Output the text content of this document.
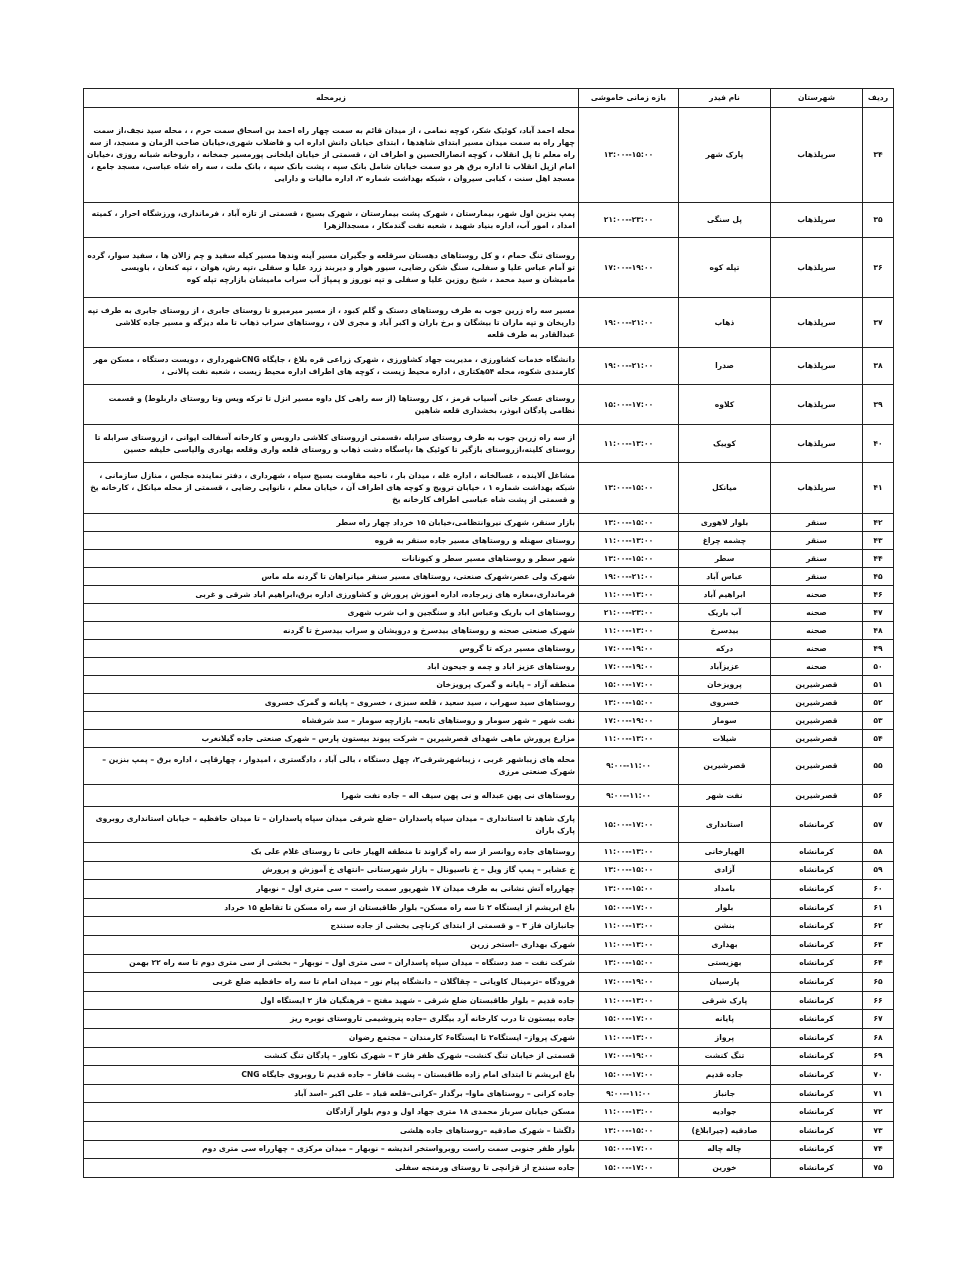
ردیف	شهرستان	نام فیدر	بازه زمانی خاموشی	زیرمحله
۳۴	سرپلذهاب	پارک شهر	۱۳:۰۰--۱۵:۰۰	محله احمد آباد، کوئیک شکر، کوچه نمامی ، از میدان قائم به سمت چهار راه احمد بن اسحاق سمت حرم ، ، محله سید نجف،از سمت چهار راه به سمت میدان مسیر ابتدای شاهدها ، ابتدای خیابان دانش اداره اب و فاضلاب شهری،خیابان صاحب الزمان و مسجد، از سه راه معلم تا پل انقلاب ، کوچه انصارالحسین و اطراف ان ، قسمتی از خیابان ایلخانی پورمسیر جمخانه ، داروخانه شبانه روزی ،خیابان امام ازپل انقلاب تا اداره برق هر دو سمت خیابان شامل بانک سپه ، پشت بانک سپه ، بانک ملت ، سه راه شاه عباسی، مسجد جامع ، مسجد اهل سنت ، کبابی سیروان ، شبکه بهداشت شماره ۲، اداره مالیات و دارایی
۳۵	سرپلذهاب	پل سنگی	۲۱:۰۰--۲۳:۰۰	پمپ بنزین اول شهر، بیمارستان ، شهرک پشت بیمارستان ، شهرک بسیج ، قسمتی از تازه آباد ، فرمانداری، ورزشگاه احرار ، کمیته امداد ، امور آب، اداره بنیاد شهید ، شعبه نفت گندمکار ، مسجدالزهرا
۳۶	سرپلذهاب	تپله کوه	۱۷:۰۰--۱۹:۰۰	روستای تنگ حمام ، و کل روستاهای دهستان سرقلعه و جگیران مسیر آینه وندها مسیر کیله سفید و چم زالان ها ، سفید سوار، گرده تو آمام عباس علیا و سفلی، سنگ شکن رضایی، سیور هوار و دیربند زرد علیا و سفلی ،تپه رش، هوان ، تپه کنعان ، باویسی مامیشان و سید محمد ، شیخ روزین علیا و سفلی و تپه نوروز و پمپاژ آب سراب مامیشان بازارچه تپله کوه
۳۷	سرپلذهاب	ذهاب	۱۹:۰۰--۲۱:۰۰	مسیر سه راه زرین جوب به طرف روستاهای دستک و گلم کبود ، از مسیر میرمیرو تا روستای جابری ، از روستای جابری به طرف تپه داریخان و تپه ماران تا بیشگان و برخ باران و اکبر آباد و مجری لان ، روستاهای سراب ذهاب تا مله دیزگه و مسیر جاده کلاشی عبدالقادر به طرف قلعه
۳۸	سرپلذهاب	صدرا	۱۹:۰۰--۲۱:۰۰	دانشگاه خدمات کشاورزی ، مدیریت جهاد کشاورزی ، شهرک زراعی قره بلاغ ، جایگاه CNGشهرداری ، دویست دستگاه ، مسکن مهر کارمندی شکوه، محله ۵۴هکتاری ، اداره محیط زیست ، کوچه های اطراف اداره محیط زیست ، شعبه نفت پالانی ،
۳۹	سرپلذهاب	کلاوه	۱۵:۰۰--۱۷:۰۰	روستای عسکر خانی آسیاب قرمز ، کل روستاها (از سه راهی کل داوه مسیر انزل تا ترکه ویس وتا روستای داربلوط) و قسمت نظامی پادگان ابوذر، بخشداری قلعه شاهین
۴۰	سرپلذهاب	کوییک	۱۱:۰۰--۱۳:۰۰	از سه راه زرین جوب به طرف روستای سرابله ،قسمتی ازروستای کلاشی داروبس و کارخانه آسفالت ایوانی ، ازروستای سرابله تا روستای کلینه،ازروستای بازگیر تا کوئیک ها ،پاسگاه دشت ذهاب و روستای قلعه واری وقلعه بهادری والیاسی خلیفه حسین
۴۱	سرپلذهاب	میانکل	۱۳:۰۰--۱۵:۰۰	مشاغل آلاینده ، غسالخانه ، اداره غله ، میدان بار ، ناحیه مقاومت بسیج سپاه ، شهرداری ، دفتر نماینده مجلس ، منازل سازمانی ، شبکه بهداشت شماره ۱ ، خیابان ترویج و کوچه های اطراف آن ، خیابان معلم ، نانوایی رضایی ، قسمتی از محله میانکل ، کارخانه یخ و قسمتی از پشت شاه عباسی اطراف کارخانه یخ
۴۲	سنقر	بلوار لاهوری	۱۳:۰۰--۱۵:۰۰	بازار سنقر، شهرک نیروانتظامی،خیابان ۱۵ خرداد چهار راه سطر
۴۳	سنقر	چشمه چراغ	۱۱:۰۰--۱۳:۰۰	روستای سهنله و روستاهای مسیر جاده سنقر به قروه
۴۴	سنقر	سطر	۱۳:۰۰--۱۵:۰۰	شهر سطر و روستاهای مسیر سطر و کیونانات
۴۵	سنقر	عباس آباد	۱۹:۰۰--۲۱:۰۰	شهرک ولی عصر،شهرک صنعتی، روستاهای مسیر سنقر میانراهان تا گردنه مله ماس
۴۶	صحنه	ابراهیم آباد	۱۱:۰۰--۱۳:۰۰	فرمانداری،مغازه های زیرجاده، اداره اموزش پرورش و کشاورزی اداره برق،ابراهیم اباد شرقی و غربی
۴۷	صحنه	آب باریک	۲۱:۰۰--۲۳:۰۰	روستاهای اب باریک وعباس اباد و سنگجین و اب شرب شهری
۴۸	صحنه	بیدسرخ	۱۱:۰۰--۱۳:۰۰	شهرک صنعتی صحنه و روستاهای بیدسرخ و درویشان و سراب بیدسرخ تا گردنه
۴۹	صحنه	درکه	۱۷:۰۰--۱۹:۰۰	روستاهای مسیر درکه تا گروس
۵۰	صحنه	عزیزآباد	۱۷:۰۰--۱۹:۰۰	روستاهای عزیز اباد و چمه و جیحون اباد
۵۱	قصرشیرین	پرویزخان	۱۵:۰۰--۱۷:۰۰	منطقه آزاد – پایانه و گمرک پرویزخان
۵۲	قصرشیرین	خسروی	۱۳:۰۰--۱۵:۰۰	روستاهای سید سهراب ، سید سعید ، قلعه سبزی ، خسروی – پایانه و گمرک خسروی
۵۳	قصرشیرین	سومار	۱۷:۰۰--۱۹:۰۰	نفت شهر – شهر سومار و روستاهای تابعه– بازارچه سومار – سد شرفشاه
۵۴	قصرشیرین	شیلات	۱۱:۰۰--۱۳:۰۰	مزارع پرورش ماهی شهدای قصرشیرین – شرکت پیوند بیستون پارس – شهرک صنعتی جاده گیلانغرب
۵۵	قصرشیرین	قصرشیرین	۹:۰۰--۱۱:۰۰	محله های زیباشهر غربی ، زیباشهرشرقی۲، چهل دستگاه ، بالی آباد ، دادگستری ، امیدوار ، چهارقاپی ، اداره برق – پمپ بنزین – شهرک صنعتی مرزی
۵۶	قصرشیرین	نفت شهر	۹:۰۰--۱۱:۰۰	روستاهای نی پهن عبداله و نی پهن سیف اله – جاده نفت شهرا
۵۷	کرمانشاه	استانداری	۱۵:۰۰--۱۷:۰۰	پارک شاهد تا استانداری – میدان سپاه پاسداران –ضلع شرقی میدان سپاه پاسداران – تا میدان حافظیه – خیابان استانداری روبروی پارک باران
۵۸	کرمانشاه	الهیارخانی	۱۱:۰۰--۱۳:۰۰	روستاهای جاده روانسر از سه راه گراوند تا منطقه الهیار خانی تا روستای غلام علی بک
۵۹	کرمانشاه	آزادی	۱۳:۰۰--۱۵:۰۰	خ عشایر – پمپ گاز ویل – خ ناسیونال – بازار شهرستانی –انتهای خ آموزش و پرورش
۶۰	کرمانشاه	بامداد	۱۳:۰۰--۱۵:۰۰	چهارراه آتش نشانی به طرف میدان ۱۷ شهریور سمت راست – سی متری اول – نوبهار
۶۱	کرمانشاه	بلوار	۱۵:۰۰--۱۷:۰۰	باغ ابریشم از ایستگاه ۲ تا سه راه مسکن– بلوار طاقبستان از سه راه مسکن تا تقاطع ۱۵ خرداد
۶۲	کرمانشاه	بنشن	۱۱:۰۰--۱۳:۰۰	جانبازان فاز ۳ – و قسمتی از ابتدای کرناچی بخشی از جاده سنندج
۶۳	کرمانشاه	بهداری	۱۱:۰۰--۱۳:۰۰	شهرک بهداری –استخر زرین
۶۴	کرمانشاه	بهزیستی	۱۳:۰۰--۱۵:۰۰	شرکت نفت – صد دستگاه – میدان سپاه پاسداران – سی متری اول – نوبهار – بخشی از سی متری دوم تا سه راه ۲۲ بهمن
۶۵	کرمانشاه	پارسیان	۱۷:۰۰--۱۹:۰۰	فرودگاه –ترمینال کاویانی – چقاگلان – دانشگاه پیام نور – میدان امام تا سه راه حافظیه ضلع غربی
۶۶	کرمانشاه	پارک شرقی	۱۱:۰۰--۱۳:۰۰	جاده قدیم – بلوار طاقبستان ضلع شرقی – شهید مفتح – فرهنگیان فاز ۲ ایستگاه اول
۶۷	کرمانشاه	پایانه	۱۵:۰۰--۱۷:۰۰	جاده بیستون تا درب کارخانه آرد بیگلری –جاده پتروشیمی تاروستای نوبره ریز
۶۸	کرمانشاه	پرواز	۱۱:۰۰--۱۳:۰۰	شهرک پرواز– ایستگاه۲ تا ایستگاه۶ کارمندان – مجتمع رضوان
۶۹	کرمانشاه	تنگ کنشت	۱۷:۰۰--۱۹:۰۰	قسمتی از خیابان تنگ کنشت– شهرک ظفر فاز ۳ – شهرک نکاور – پادگان تنگ کنشت
۷۰	کرمانشاه	جاده قدیم	۱۵:۰۰--۱۷:۰۰	باغ ابریشم تا ابتدای امام زاده طاقبستان – پشت فافار – جاده قدیم تا روبروی جایگاه CNG
۷۱	کرمانشاه	جانباز	۹:۰۰--۱۱:۰۰	جاده کرانی – روستاهای ماوا– برگدار –کرانی–قلعه قباد – علی اکبر –اسد آباد
۷۲	کرمانشاه	جوادیه	۱۱:۰۰--۱۳:۰۰	مسکن خیابان سرباز محمدی ۱۸ متری جهاد اول و دوم بلوار آزادگان
۷۳	کرمانشاه	صادقیه (جیرابلاغ)	۱۳:۰۰--۱۵:۰۰	دلگشا – شهرک صادقیه –روستاهای جاده هلشی
۷۴	کرمانشاه	چاله چاله	۱۵:۰۰--۱۷:۰۰	بلوار ظفر جنوبی سمت راست روبرواستخر اندیشه – نوبهار – میدان مرکزی – چهارراه سی متری دوم
۷۵	کرمانشاه	خورین	۱۵:۰۰--۱۷:۰۰	جاده سنندج از قزانچی تا روستای ورمنجه سفلی
